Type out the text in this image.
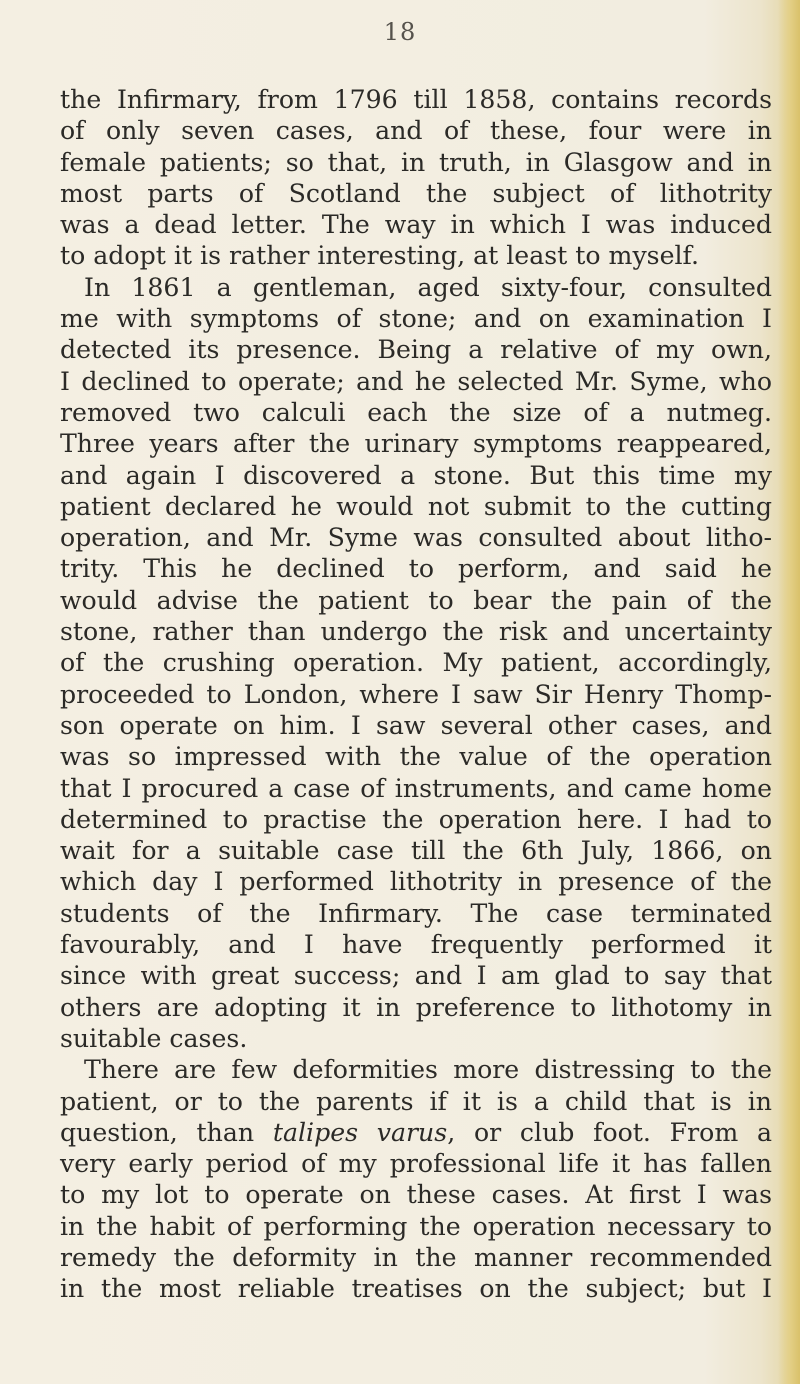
18
the Infirmary, from 1796 till 1858, contains records
of only seven cases, and of these, four were in
female patients; so that, in truth, in Glasgow and in
most parts of Scotland the subject of lithotrity
was a dead letter. The way in which I was induced
to adopt it is rather interesting, at least to myself.
In 1861 a gentleman, aged sixty-four, consulted
me with symptoms of stone; and on examination I
detected its presence. Being a relative of my own,
I declined to operate; and he selected Mr. Syme, who
removed two calculi each the size of a nutmeg.
Three years after the urinary symptoms reappeared,
and again I discovered a stone. But this time my
patient declared he would not submit to the cutting
operation, and Mr. Syme was consulted about litho-
trity. This he declined to perform, and said he
would advise the patient to bear the pain of the
stone, rather than undergo the risk and uncertainty
of the crushing operation. My patient, accordingly,
proceeded to London, where I saw Sir Henry Thomp-
son operate on him. I saw several other cases, and
was so impressed with the value of the operation
that I procured a case of instruments, and came home
determined to practise the operation here. I had to
wait for a suitable case till the 6th July, 1866, on
which day I performed lithotrity in presence of the
students of the Infirmary. The case terminated
favourably, and I have frequently performed it
since with great success; and I am glad to say that
others are adopting it in preference to lithotomy in
suitable cases.
There are few deformities more distressing to the
patient, or to the parents if it is a child that is in
question, than talipes varus, or club foot. From a
very early period of my professional life it has fallen
to my lot to operate on these cases. At first I was
in the habit of performing the operation necessary to
remedy the deformity in the manner recommended
in the most reliable treatises on the subject; but I
